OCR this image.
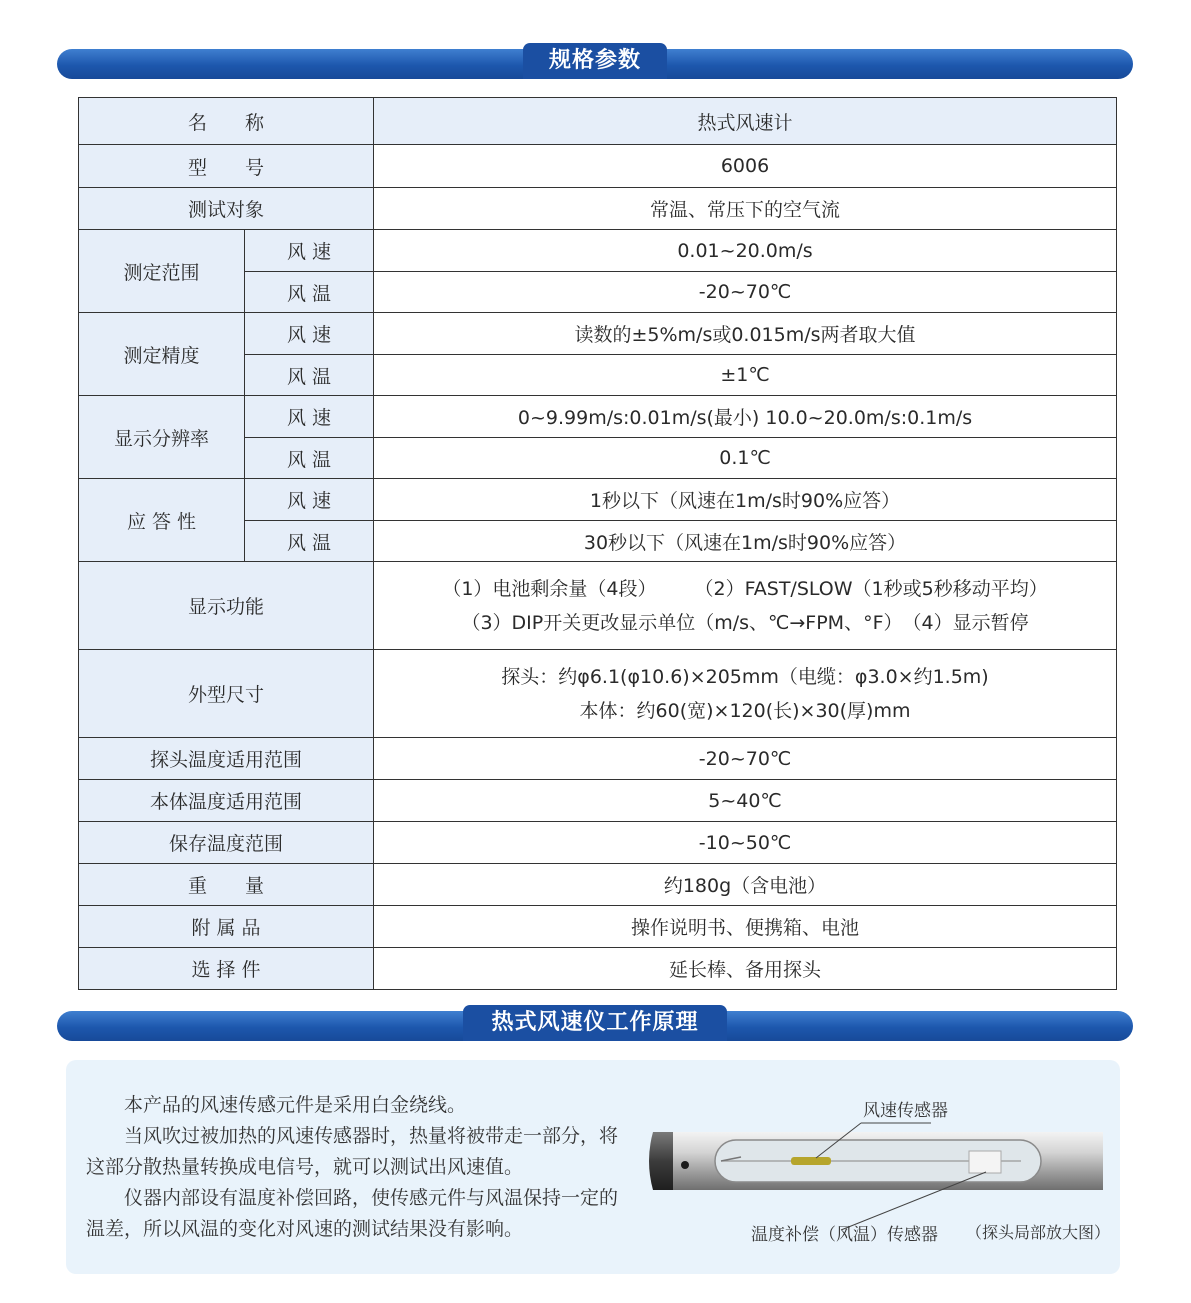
规格参数
名　　称		热式风速计
型　　号		6006
测试对象		常温、常压下的空气流
测定范围	风 速	0.01~20.0m/s
	风 温	-20~70℃
测定精度	风 速	读数的±5%m/s或0.015m/s两者取大值
	风 温	±1℃
显示分辨率	风 速	0~9.99m/s:0.01m/s(最小) 10.0~20.0m/s:0.1m/s
	风 温	0.1℃
应 答 性	风 速	1秒以下（风速在1m/s时90%应答）
	风 温	30秒以下（风速在1m/s时90%应答）
显示功能		（1）电池剩余量（4段）　　　（2）FAST/SLOW（1秒或5秒移动平均）
（3）DIP开关更改显示单位（m/s、℃→FPM、°F）　（4）显示暂停

外型尺寸		探头：约φ6.1(φ10.6)×205mm（电缆：φ3.0×约1.5m)
本体：约60(宽)×120(长)×30(厚)mm

探头温度适用范围		-20~70℃
本体温度适用范围		5~40℃
保存温度范围		-10~50℃
重　　量		约180g（含电池）
附 属 品		操作说明书、便携箱、电池
选 择 件		延长棒、备用探头
热式风速仪工作原理

本产品的风速传感元件是采用白金绕线。

当风吹过被加热的风速传感器时，热量将被带走一部分，将这部分散热量转换成电信号，就可以测试出风速值。

仪器内部设有温度补偿回路，使传感元件与风温保持一定的温差，所以风温的变化对风速的测试结果没有影响。

风速传感器
温度补偿（风温）传感器 （探头局部放大图）
